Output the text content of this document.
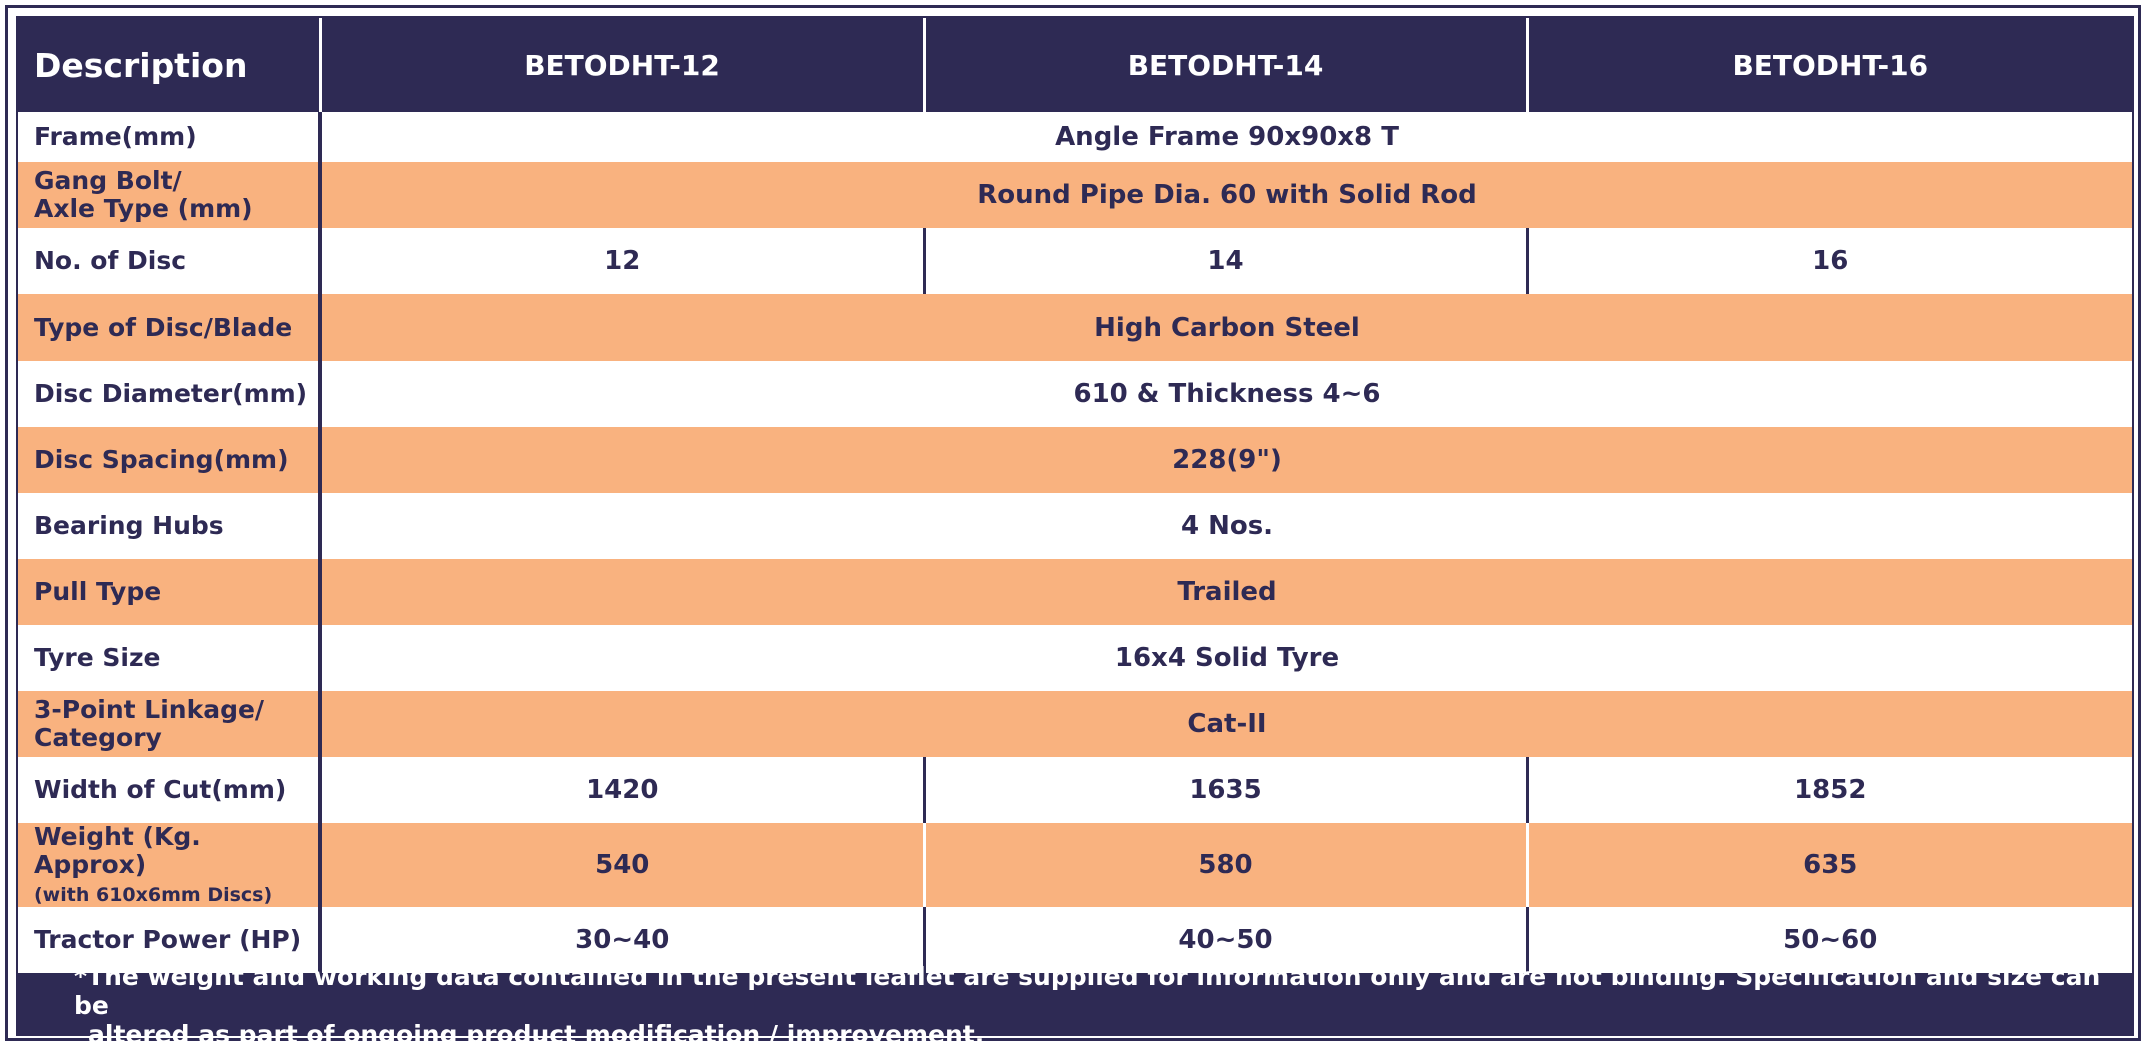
Description	BETODHT-12	BETODHT-14	BETODHT-16
Frame(mm)	Angle Frame 90x90x8 T		
Gang Bolt/
Axle Type (mm)	Round Pipe Dia. 60 with Solid Rod		
No. of Disc	12	14	16
Type of Disc/Blade	High Carbon Steel		
Disc Diameter(mm)	610 & Thickness 4~6		
Disc Spacing(mm)	228(9")		
Bearing Hubs	4 Nos.		
Pull Type	Trailed		
Tyre Size	16x4 Solid Tyre		
3-Point Linkage/
Category	Cat-II		
Width of Cut(mm)	1420	1635	1852
Weight (Kg. Approx)
(with 610x6mm Discs)	540	580	635
Tractor Power (HP)	30~40	40~50	50~60
*The weight and working data contained in the present leaflet are supplied for information only and are not binding. Specification and size can be
altered as part of ongoing product modification / improvement.
